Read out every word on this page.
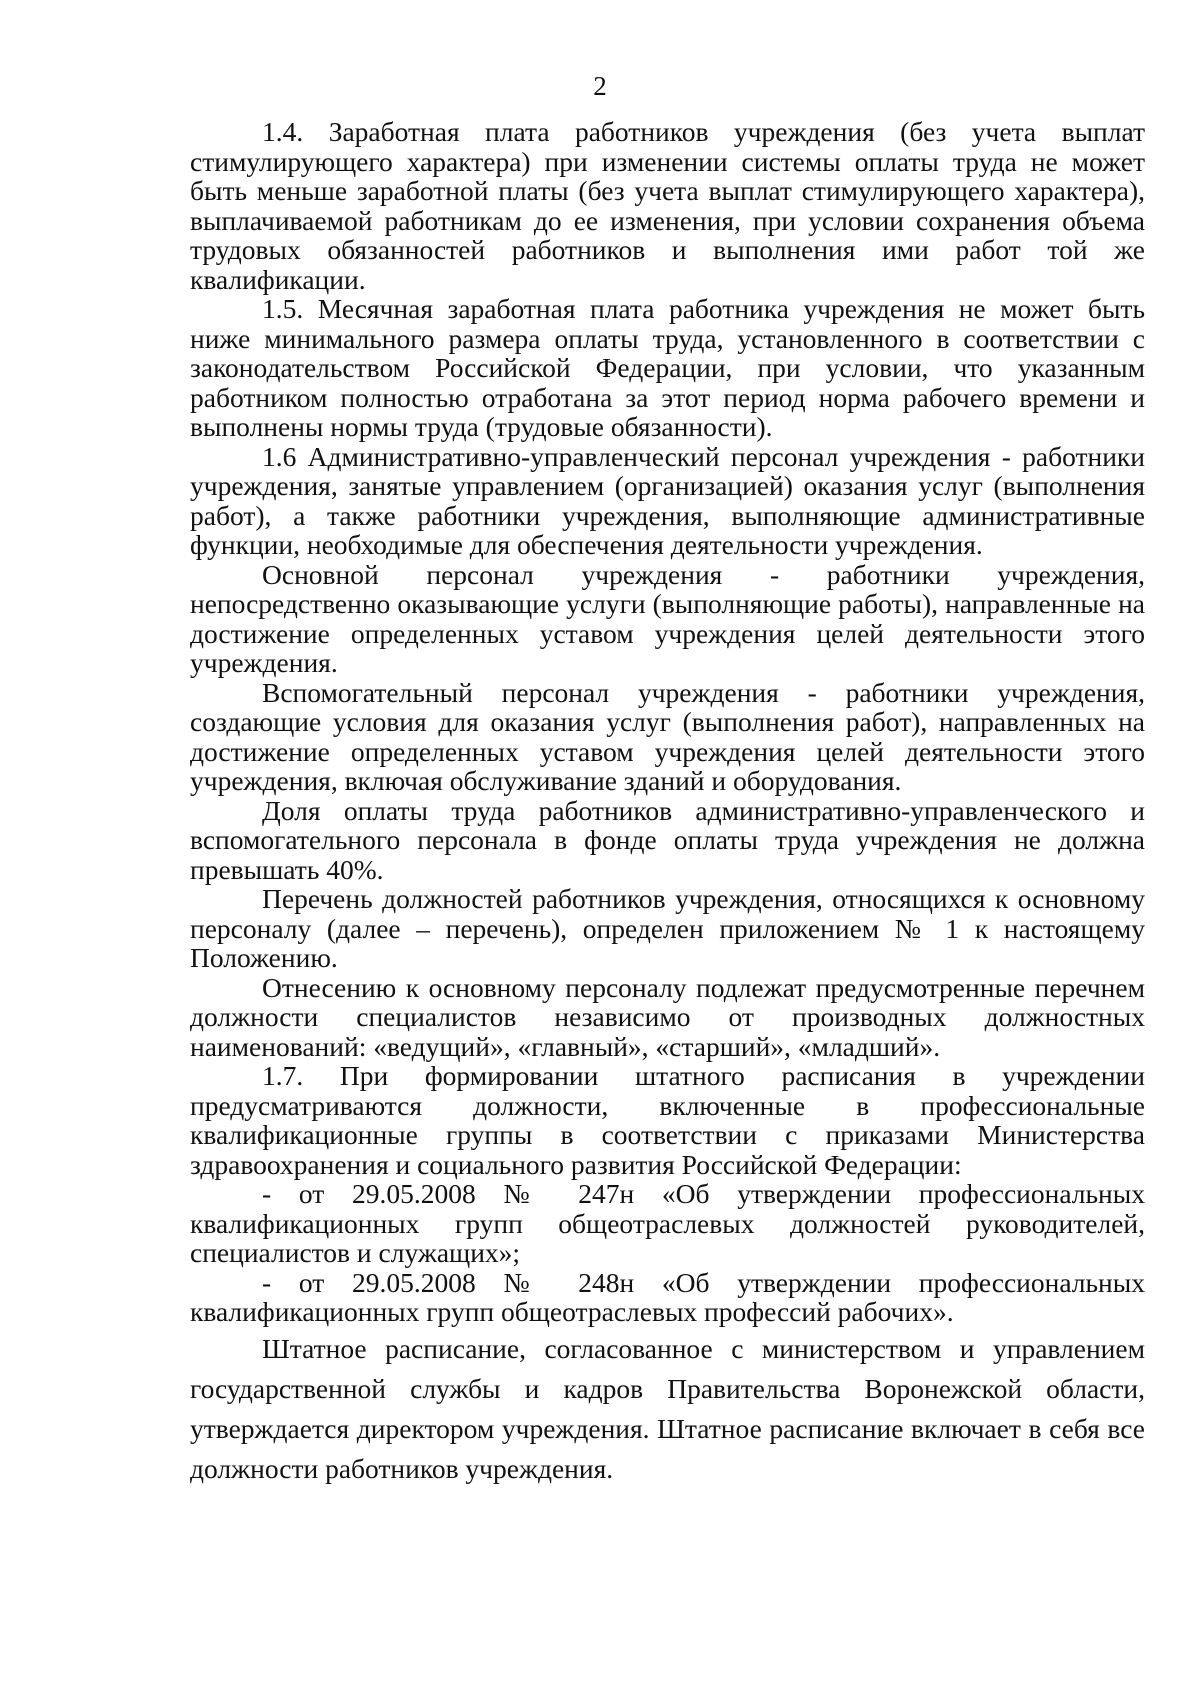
2

1.4. Заработная плата работников учреждения (без учета выплат стимулирующего характера) при изменении системы оплаты труда не может быть меньше заработной платы (без учета выплат стимулирующего характера), выплачиваемой работникам до ее изменения, при условии сохранения объема трудовых обязанностей работников и выполнения ими работ той же квалификации.

1.5. Месячная заработная плата работника учреждения не может быть ниже минимального размера оплаты труда, установленного в соответствии с законодательством Российской Федерации, при условии, что указанным работником полностью отработана за этот период норма рабочего времени и выполнены нормы труда (трудовые обязанности).

1.6 Административно-управленческий персонал учреждения - работники учреждения, занятые управлением (организацией) оказания услуг (выполнения работ), а также работники учреждения, выполняющие административные функции, необходимые для обеспечения деятельности учреждения.

Основной персонал учреждения - работники учреждения, непосредственно оказывающие услуги (выполняющие работы), направленные на достижение определенных уставом учреждения целей деятельности этого учреждения.

Вспомогательный персонал учреждения - работники учреждения, создающие условия для оказания услуг (выполнения работ), направленных на достижение определенных уставом учреждения целей деятельности этого учреждения, включая обслуживание зданий и оборудования.

Доля оплаты труда работников административно-управленческого и вспомогательного персонала в фонде оплаты труда учреждения не должна превышать 40%.

Перечень должностей работников учреждения, относящихся к основному персоналу (далее – перечень), определен приложением № 1 к настоящему Положению.

Отнесению к основному персоналу подлежат предусмотренные перечнем должности специалистов независимо от производных должностных наименований: «ведущий», «главный», «старший», «младший».

1.7. При формировании штатного расписания в учреждении предусматриваются должности, включенные в профессиональные квалификационные группы в соответствии с приказами Министерства здравоохранения и социального развития Российской Федерации:

- от 29.05.2008 № 247н «Об утверждении профессиональных квалификационных групп общеотраслевых должностей руководителей, специалистов и служащих»;

- от 29.05.2008 № 248н «Об утверждении профессиональных квалификационных групп общеотраслевых профессий рабочих».

Штатное расписание, согласованное с министерством и управлением государственной службы и кадров Правительства Воронежской области, утверждается директором учреждения. Штатное расписание включает в себя все должности работников учреждения.
